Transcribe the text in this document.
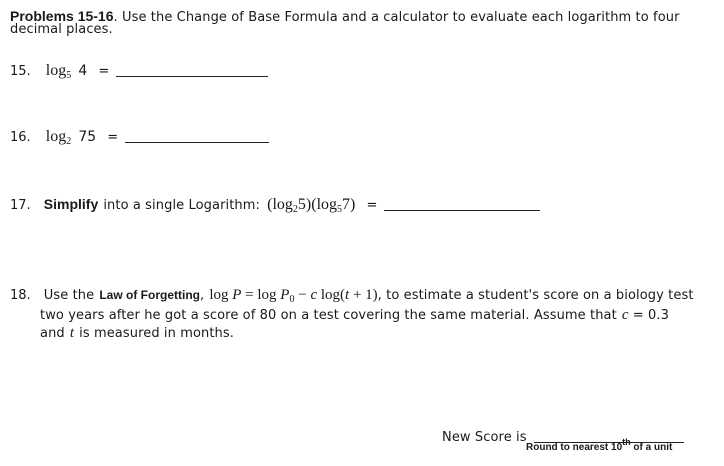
Problems 15-16. Use the Change of Base Formula and a calculator to evaluate each logarithm to four
decimal places.
15. $\log_5 4$ =
16. $\log_2 75$ =
17. Simplify into a single Logarithm: $(\log_25)(\log_57)$ =
18. Use the Law of Forgetting, $\log P = \log P_0 - c$ log(t + 1), to estimate a student's score on a biology test
two years after he got a score of 80 on a test covering the same material. Assume that c = 0.3
and t is measured in months.
New Score is
Round to nearest 10th of a unit
